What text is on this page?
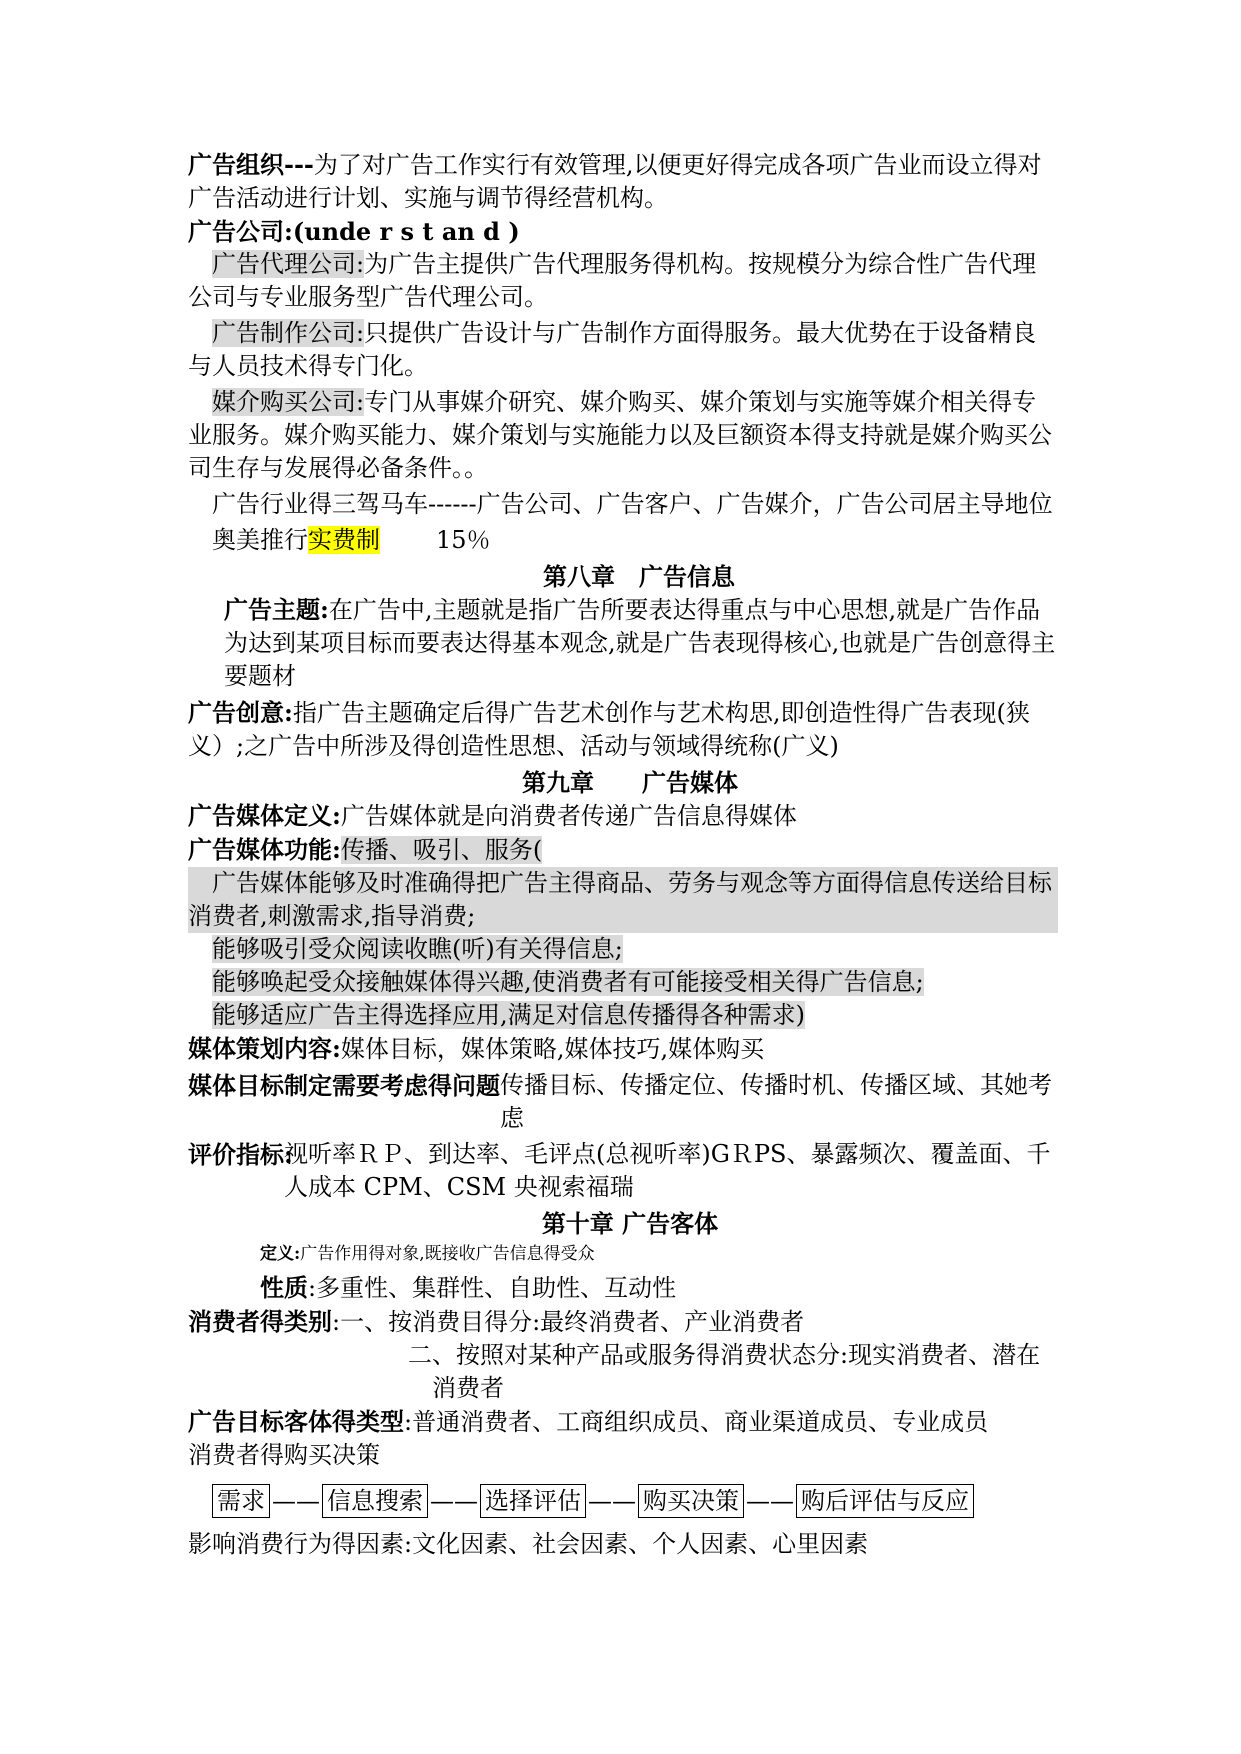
广告组织---为了对广告工作实行有效管理,以便更好得完成各项广告业而设立得对广告活动进行计划、实施与调节得经营机构。

广告公司:(unde r s t an d )

广告代理公司:为广告主提供广告代理服务得机构。按规模分为综合性广告代理公司与专业服务型广告代理公司。

广告制作公司:只提供广告设计与广告制作方面得服务。最大优势在于设备精良与人员技术得专门化。

媒介购买公司:专门从事媒介研究、媒介购买、媒介策划与实施等媒介相关得专业服务。媒介购买能力、媒介策划与实施能力以及巨额资本得支持就是媒介购买公司生存与发展得必备条件。。

广告行业得三驾马车------广告公司、广告客户、广告媒介，广告公司居主导地位

奥美推行实费制 15％

第八章　广告信息

广告主题:在广告中,主题就是指广告所要表达得重点与中心思想,就是广告作品为达到某项目标而要表达得基本观念,就是广告表现得核心,也就是广告创意得主要题材

广告创意:指广告主题确定后得广告艺术创作与艺术构思,即创造性得广告表现(狭义）;之广告中所涉及得创造性思想、活动与领域得统称(广义)

第九章　　广告媒体

广告媒体定义:广告媒体就是向消费者传递广告信息得媒体

广告媒体功能:传播、吸引、服务(

广告媒体能够及时准确得把广告主得商品、劳务与观念等方面得信息传送给目标消费者,刺激需求,指导消费;

能够吸引受众阅读收瞧(听)有关得信息;

能够唤起受众接触媒体得兴趣,使消费者有可能接受相关得广告信息;

能够适应广告主得选择应用,满足对信息传播得各种需求)

媒体策划内容:媒体目标，媒体策略,媒体技巧,媒体购买

媒体目标制定需要考虑得问题 传播目标、传播定位、传播时机、传播区域、其她考虑
评价指标:
视听率ＲＰ、到达率、毛评点(总视听率)GＲPS、暴露频次、覆盖面、千人成本 CPM、CSM 央视索福瑞

第十章 广告客体

定义:广告作用得对象,既接收广告信息得受众

性质:多重性、集群性、自助性、互动性

消费者得类别:一、按消费目得分:最终消费者、产业消费者

二、按照对某种产品或服务得消费状态分:现实消费者、潜在消费者

广告目标客体得类型:普通消费者、工商组织成员、商业渠道成员、专业成员

消费者得购买决策

需求 —— 信息搜索 —— 选择评估 —— 购买决策 —— 购后评估与反应

影响消费行为得因素:文化因素、社会因素、个人因素、心里因素
